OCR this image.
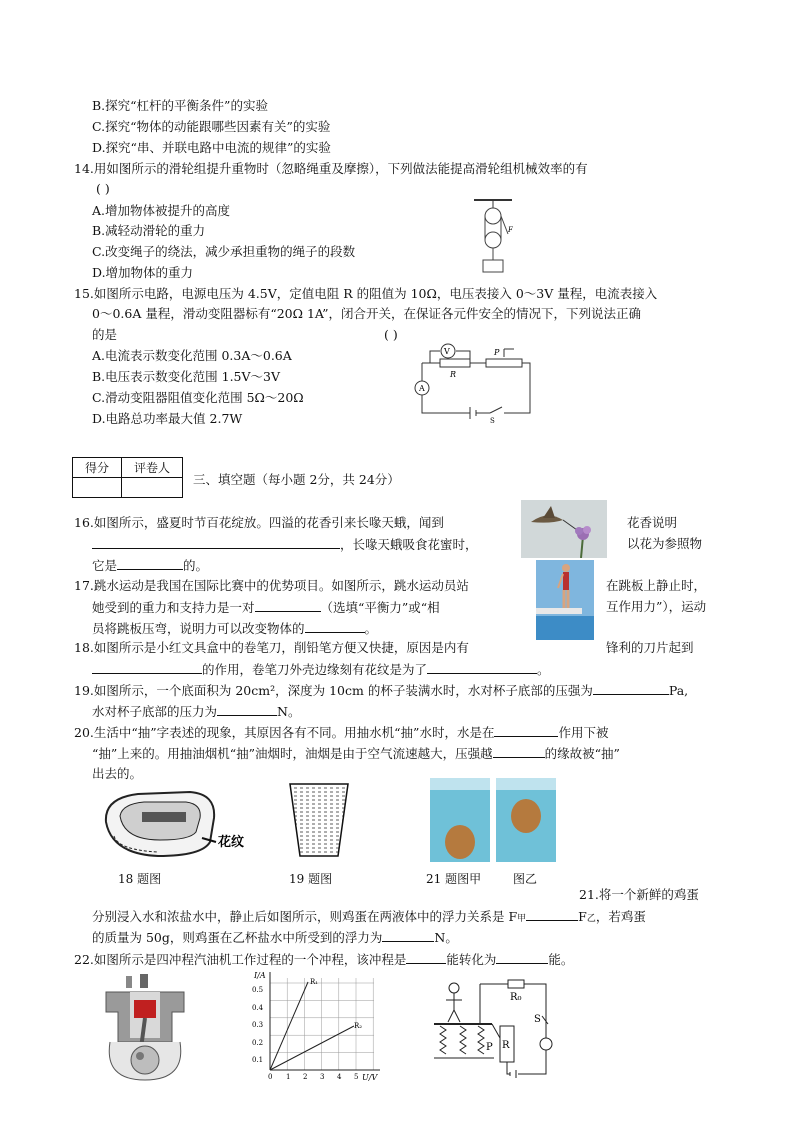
B.探究“杠杆的平衡条件”的实验
C.探究“物体的动能跟哪些因素有关”的实验
D.探究“串、并联电路中电流的规律”的实验
14.用如图所示的滑轮组提升重物时（忽略绳重及摩擦），下列做法能提高滑轮组机械效率的有
( )
A.增加物体被提升的高度
B.减轻动滑轮的重力
C.改变绳子的绕法，减少承担重物的绳子的段数
D.增加物体的重力
F
15.如图所示电路，电源电压为 4.5V，定值电阻 R 的阻值为 10Ω，电压表接入 0～3V 量程，电流表接入
0～0.6A 量程，滑动变阻器标有“20Ω 1A”，闭合开关，在保证各元件安全的情况下，下列说法正确
的是	( )
A.电流表示数变化范围 0.3A～0.6A
B.电压表示数变化范围 1.5V～3V
C.滑动变阻器阻值变化范围 5Ω～20Ω
D.电路总功率最大值 2.7W
V
A
R
P
S
得分	评卷人

三、填空题（每小题 2分，共 24分）
16.如图所示，盛夏时节百花绽放。四溢的花香引来长喙天蛾，闻到	花香说明
，长喙天蛾吸食花蜜时，	以花为参照物
它是	的。
17.跳水运动是我国在国际比赛中的优势项目。如图所示，跳水运动员站	在跳板上静止时，
她受到的重力和支持力是一对	（选填“平衡力”或“相	互作用力”），运动
员将跳板压弯，说明力可以改变物体的	。
18.如图所示是小红文具盒中的卷笔刀，削铅笔方便又快捷，原因是内有	锋利的刀片起到
的作用，卷笔刀外壳边缘刻有花纹是为了	。
19.如图所示，一个底面积为 20cm²，深度为 10cm 的杯子装满水时，水对杯子底部的压强为	Pa,
水对杯子底部的压力为	N。
20.生活中“抽”字表述的现象，其原因各有不同。用抽水机“抽”水时，水是在	作用下被
“抽”上来的。用抽油烟机“抽”油烟时，油烟是由于空气流速越大，压强越	的缘故被“抽”
出去的。
花纹
18 题图	19 题图	21 题图甲	图乙
21.将一个新鲜的鸡蛋
分别浸入水和浓盐水中，静止后如图所示，则鸡蛋在两液体中的浮力关系是 F甲	F乙，若鸡蛋
的质量为 50g，则鸡蛋在乙杯盐水中所受到的浮力为	N。
22.如图所示是四冲程汽油机工作过程的一个冲程，该冲程是	能转化为	能。
I/A
U/V
R₁
R₂
0.5
0.4
0.3
0.2
0.1
0 1 2 3 4 5
R₀
S
P R
